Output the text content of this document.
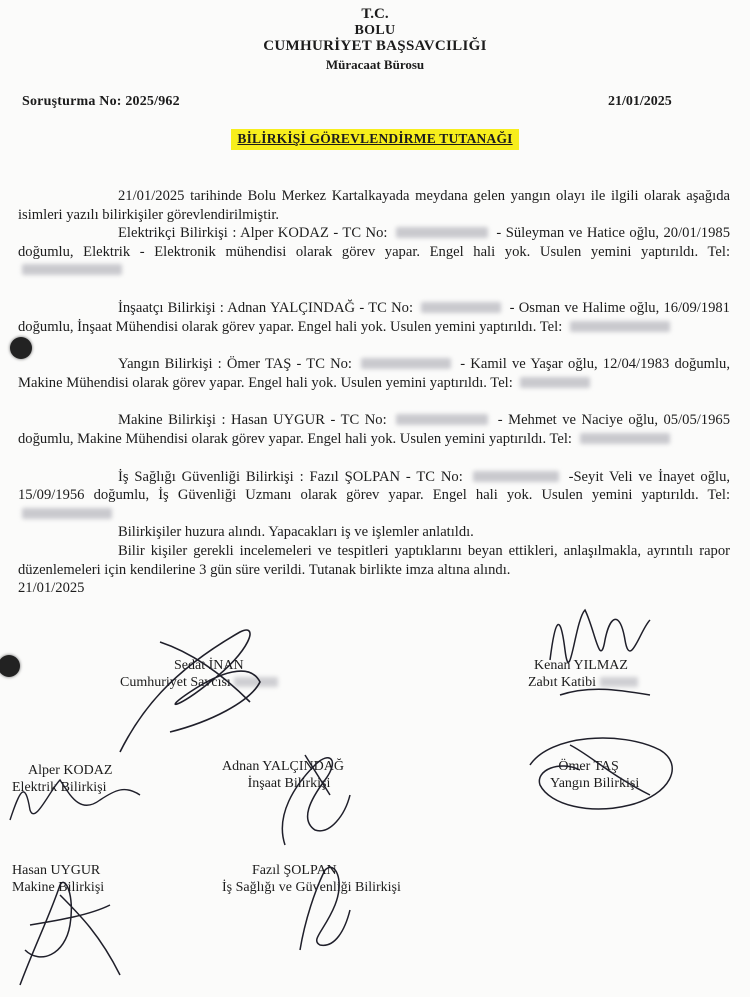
T.C.
BOLU
CUMHURİYET BAŞSAVCILIĞI
Müracaat Bürosu
Soruşturma No: 2025/962	21/01/2025
BİLİRKİŞİ GÖREVLENDİRME TUTANAĞI

21/01/2025 tarihinde Bolu Merkez Kartalkayada meydana gelen yangın olayı ile ilgili olarak aşağıda isimleri yazılı bilirkişiler görevlendirilmiştir.

Elektrikçi Bilirkişi : Alper KODAZ - TC No:	- Süleyman ve Hatice oğlu, 20/01/1985 doğumlu, Elektrik - Elektronik mühendisi olarak görev yapar. Engel hali yok. Usulen yemini yaptırıldı. Tel:

İnşaatçı Bilirkişi : Adnan YALÇINDAĞ - TC No:	- Osman ve Halime oğlu, 16/09/1981 doğumlu, İnşaat Mühendisi olarak görev yapar. Engel hali yok. Usulen yemini yaptırıldı. Tel:

Yangın Bilirkişi : Ömer TAŞ - TC No:	- Kamil ve Yaşar oğlu, 12/04/1983 doğumlu, Makine Mühendisi olarak görev yapar. Engel hali yok. Usulen yemini yaptırıldı. Tel:

Makine Bilirkişi : Hasan UYGUR - TC No:	- Mehmet ve Naciye oğlu, 05/05/1965 doğumlu, Makine Mühendisi olarak görev yapar. Engel hali yok. Usulen yemini yaptırıldı. Tel:

İş Sağlığı Güvenliği Bilirkişi : Fazıl ŞOLPAN - TC No:	-Seyit Veli ve İnayet oğlu, 15/09/1956 doğumlu, İş Güvenliği Uzmanı olarak görev yapar. Engel hali yok. Usulen yemini yaptırıldı. Tel:

Bilirkişiler huzura alındı. Yapacakları iş ve işlemler anlatıldı.

Bilir kişiler gerekli incelemeleri ve tespitleri yaptıklarını beyan ettikleri, anlaşılmakla, ayrıntılı rapor düzenlemeleri için kendilerine 3 gün süre verildi. Tutanak birlikte imza altına alındı.

21/01/2025

Sedat İNAN
Cumhuriyet Savcısı
Kenan YILMAZ
Zabıt Katibi
Alper KODAZ
Elektrik Bilirkişi
Adnan YALÇINDAĞ
İnşaat Bilirkişi
Ömer TAŞ
Yangın Bilirkişi
Hasan UYGUR
Makine Bilirkişi
Fazıl ŞOLPAN
İş Sağlığı ve Güvenliği Bilirkişi
